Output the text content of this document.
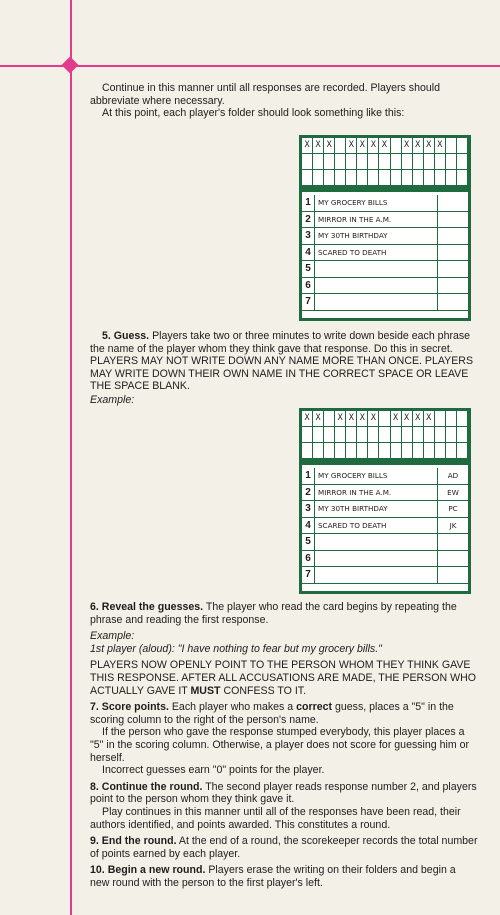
Continue in this manner until all responses are recorded. Players should abbreviate where necessary.

At this point, each player's folder should look something like this:

X X X	X X X X	X X X X
1	MY GROCERY BILLS
2	MIRROR IN THE A.M.
3	MY 30TH BIRTHDAY
4	SCARED TO DEATH
5
6
7

5. Guess. Players take two or three minutes to write down beside each phrase the name of the player whom they think gave that response. Do this in secret. PLAYERS MAY NOT WRITE DOWN ANY NAME MORE THAN ONCE. PLAYERS MAY WRITE DOWN THEIR OWN NAME IN THE CORRECT SPACE OR LEAVE THE SPACE BLANK.

Example:

X X	X X X X	X X X X
1	MY GROCERY BILLS	AD
2	MIRROR IN THE A.M.	EW
3	MY 30TH BIRTHDAY	PC
4	SCARED TO DEATH	JK
5
6
7

6. Reveal the guesses. The player who read the card begins by repeating the phrase and reading the first response.

Example:

1st player (aloud): "I have nothing to fear but my grocery bills."

PLAYERS NOW OPENLY POINT TO THE PERSON WHOM THEY THINK GAVE THIS RESPONSE. AFTER ALL ACCUSATIONS ARE MADE, THE PERSON WHO ACTUALLY GAVE IT MUST CONFESS TO IT.

7. Score points. Each player who makes a correct guess, places a "5" in the scoring column to the right of the person's name.

If the person who gave the response stumped everybody, this player places a "5" in the scoring column. Otherwise, a player does not score for guessing him or herself.

Incorrect guesses earn "0" points for the player.

8. Continue the round. The second player reads response number 2, and players point to the person whom they think gave it.

Play continues in this manner until all of the responses have been read, their authors identified, and points awarded. This constitutes a round.

9. End the round. At the end of a round, the scorekeeper records the total number of points earned by each player.

10. Begin a new round. Players erase the writing on their folders and begin a new round with the person to the first player's left.
